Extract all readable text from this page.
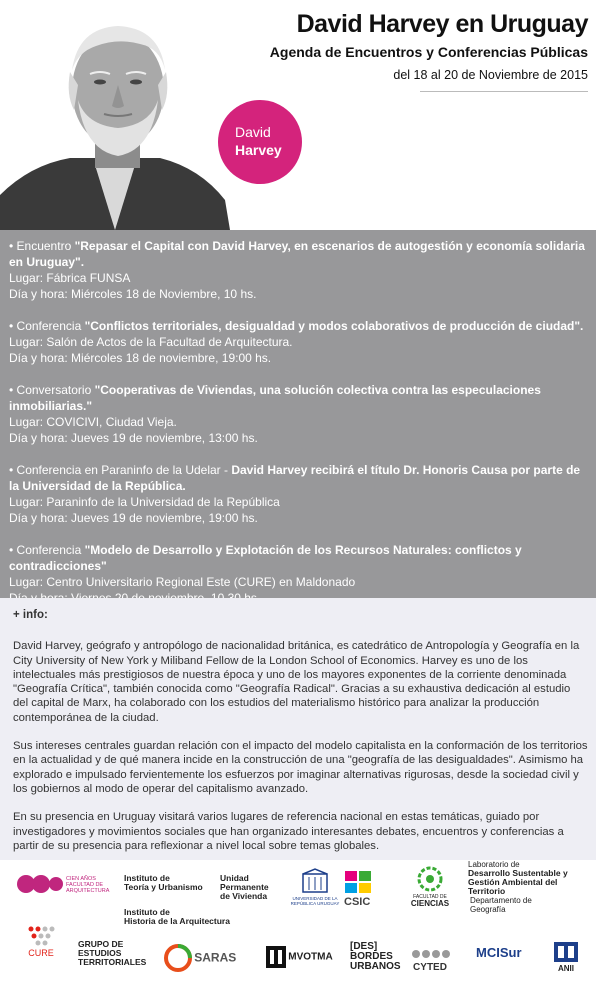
David Harvey en Uruguay
Agenda de Encuentros y Conferencias Públicas
del 18 al 20 de Noviembre de 2015
David
Harvey
• Encuentro "Repasar el Capital con David Harvey, en escenarios de autogestión y economía solidaria en Uruguay".
Lugar: Fábrica FUNSA
Día y hora: Miércoles 18 de Noviembre, 10 hs.
• Conferencia "Conflictos territoriales, desigualdad y modos colaborativos de producción de ciudad".
Lugar: Salón de Actos de la Facultad de Arquitectura.
Día y hora: Miércoles 18 de noviembre, 19:00 hs.
• Conversatorio "Cooperativas de Viviendas, una solución colectiva contra las especulaciones inmobiliarias."
Lugar: COVICIVI, Ciudad Vieja.
Día y hora: Jueves 19 de noviembre, 13:00 hs.
• Conferencia en Paraninfo de la Udelar - David Harvey recibirá el título Dr. Honoris Causa por parte de la Universidad de la República.
Lugar: Paraninfo de la Universidad de la República
Día y hora: Jueves 19 de noviembre, 19:00 hs.
• Conferencia "Modelo de Desarrollo y Explotación de los Recursos Naturales: conflictos y contradicciones"
Lugar: Centro Universitario Regional Este (CURE) en Maldonado
+ info:

David Harvey, geógrafo y antropólogo de nacionalidad británica, es catedrático de Antropología y Geografía en la City University of New York y Miliband Fellow de la London School of Economics. Harvey es uno de los intelectuales más prestigiosos de nuestra época y uno de los mayores exponentes de la corriente denominada "Geografía Crítica", también conocida como "Geografía Radical". Gracias a su exhaustiva dedicación al estudio del capital de Marx, ha colaborado con los estudios del materialismo histórico para analizar la producción contemporánea de la ciudad.

Sus intereses centrales guardan relación con el impacto del modelo capitalista en la conformación de los territorios en la actualidad y de qué manera incide en la construcción de una "geografía de las desigualdades". Asimismo ha explorado e impulsado fervientemente los esfuerzos por imaginar alternativas rigurosas, desde la sociedad civil y los gobiernos al modo de operar del capitalismo avanzado.

En su presencia en Uruguay visitará varios lugares de referencia nacional en estas temáticas, guiado por investigadores y movimientos sociales que han organizado interesantes debates, encuentros y conferencias a partir de su presencia para reflexionar a nivel local sobre temas globales.

CIEN AÑOS FACULTAD DE ARQUITECTURA
Instituto de
Teoría y Urbanismo
Instituto de
Historia de la Arquitectura
Unidad
Permanente
de Vivienda	UNIVERSIDAD DE LA REPÚBLICA URUGUAY CSIC	FACULTAD DE
CIENCIAS
Laboratorio de
Desarrollo Sustentable y
Gestión Ambiental del Territorio
Departamento de
Geografía
CURE
GRUPO DE
ESTUDIOS
TERRITORIALES	SARAS	MVOTMA
[DES]
BORDES
URBANOS	CYTED
MCISur
ANII
